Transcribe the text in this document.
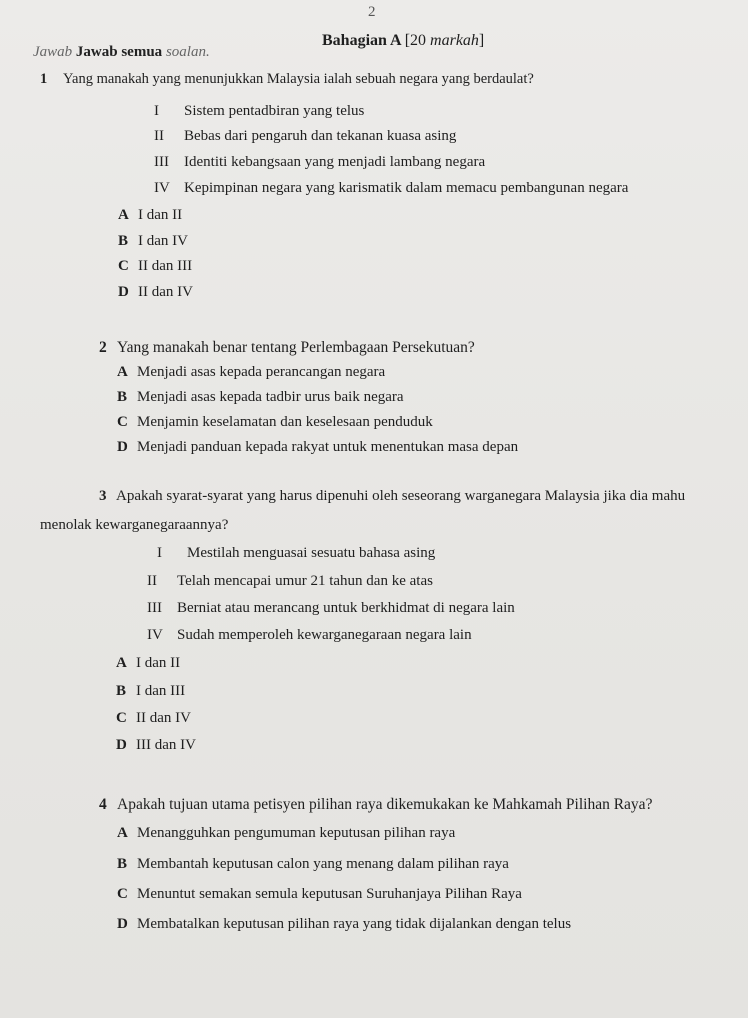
2
Bahagian A [20 markah]
Jawab Jawab semua soalan.
1 Yang manakah yang menunjukkan Malaysia ialah sebuah negara yang berdaulat?
I Sistem pentadbiran yang telus
II Bebas dari pengaruh dan tekanan kuasa asing
III Identiti kebangsaan yang menjadi lambang negara
IV Kepimpinan negara yang karismatik dalam memacu pembangunan negara
A I dan II
B I dan IV
C II dan III
D II dan IV
2 Yang manakah benar tentang Perlembagaan Persekutuan?
A Menjadi asas kepada perancangan negara
B Menjadi asas kepada tadbir urus baik negara
C Menjamin keselamatan dan keselesaan penduduk
D Menjadi panduan kepada rakyat untuk menentukan masa depan
3 Apakah syarat-syarat yang harus dipenuhi oleh seseorang warganegara Malaysia jika dia mahu
menolak kewarganegaraannya?
I Mestilah menguasai sesuatu bahasa asing
II Telah mencapai umur 21 tahun dan ke atas
III Berniat atau merancang untuk berkhidmat di negara lain
IV Sudah memperoleh kewarganegaraan negara lain
A I dan II
B I dan III
C II dan IV
D III dan IV
4 Apakah tujuan utama petisyen pilihan raya dikemukakan ke Mahkamah Pilihan Raya?
A Menangguhkan pengumuman keputusan pilihan raya
B Membantah keputusan calon yang menang dalam pilihan raya
C Menuntut semakan semula keputusan Suruhanjaya Pilihan Raya
D Membatalkan keputusan pilihan raya yang tidak dijalankan dengan telus
